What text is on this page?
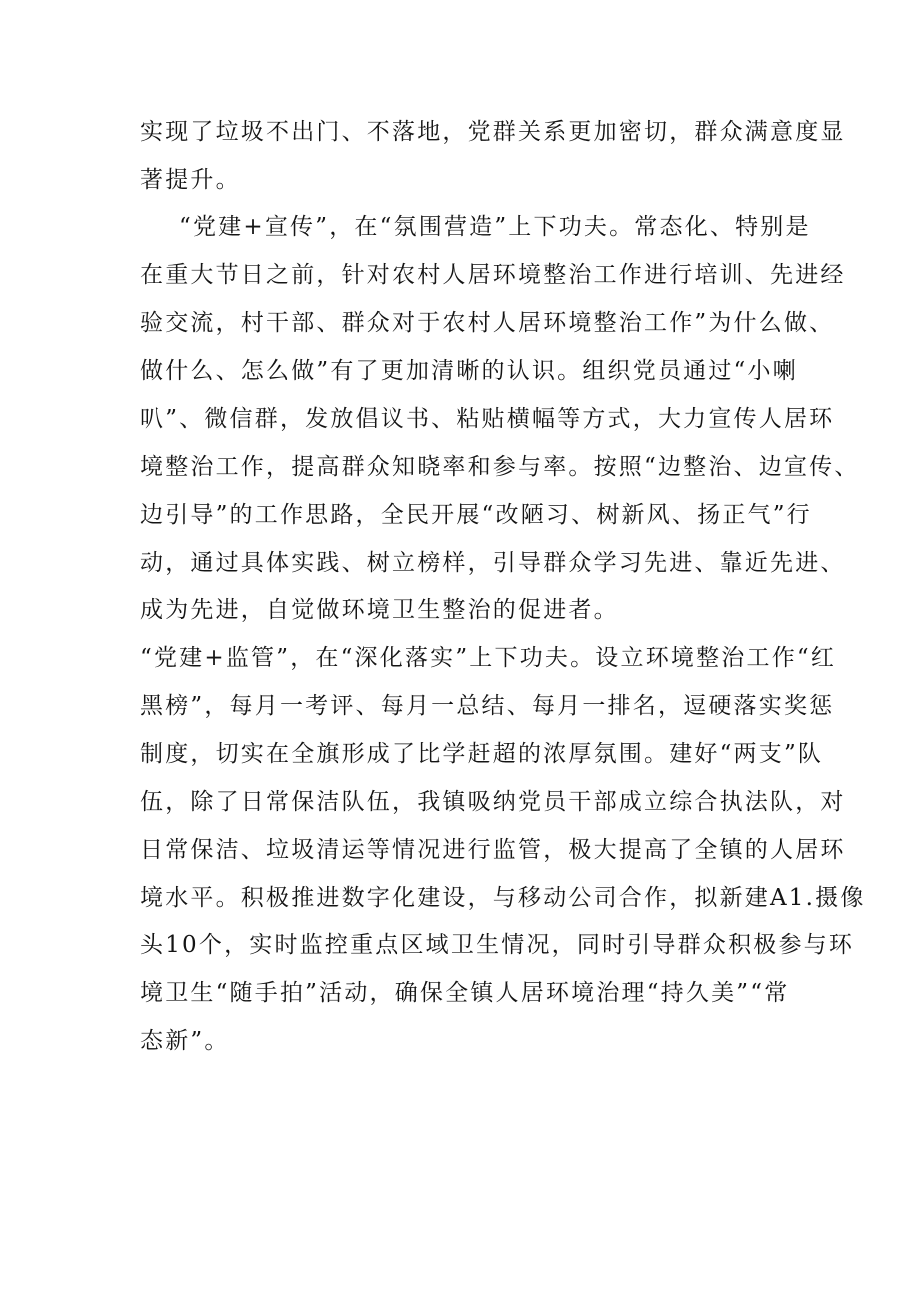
实现了垃圾不出门、不落地，党群关系更加密切，群众满意度显

著提升。

“党建+宣传”，在“氛围营造”上下功夫。常态化、特别是

在重大节日之前，针对农村人居环境整治工作进行培训、先进经

验交流，村干部、群众对于农村人居环境整治工作”为什么做、

做什么、怎么做”有了更加清晰的认识。组织党员通过“小喇

叭”、微信群，发放倡议书、粘贴横幅等方式，大力宣传人居环

境整治工作，提高群众知晓率和参与率。按照“边整治、边宣传、

边引导”的工作思路，全民开展“改陋习、树新风、扬正气”行

动，通过具体实践、树立榜样，引导群众学习先进、靠近先进、

成为先进，自觉做环境卫生整治的促进者。

“党建+监管”，在“深化落实”上下功夫。设立环境整治工作“红

黑榜”，每月一考评、每月一总结、每月一排名，逗硬落实奖惩

制度，切实在全旗形成了比学赶超的浓厚氛围。建好“两支”队

伍，除了日常保洁队伍，我镇吸纳党员干部成立综合执法队，对

日常保洁、垃圾清运等情况进行监管，极大提高了全镇的人居环

境水平。积极推进数字化建设，与移动公司合作，拟新建A1.摄像

头10个，实时监控重点区域卫生情况，同时引导群众积极参与环

境卫生“随手拍”活动，确保全镇人居环境治理“持久美”“常

态新”。
